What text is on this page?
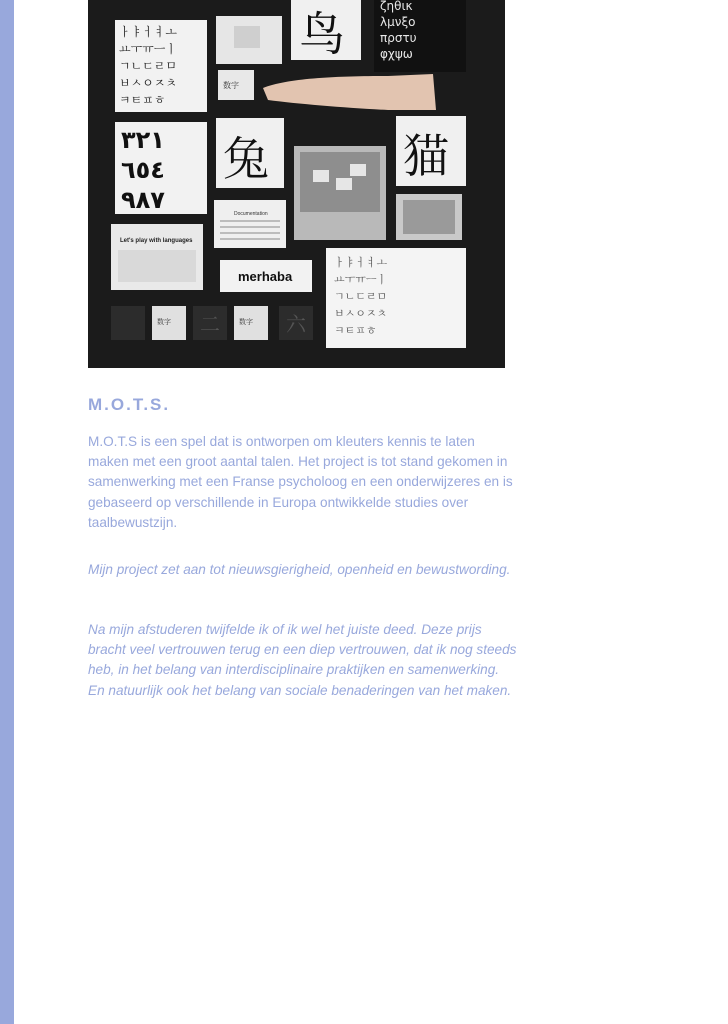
ㅏㅑㅓㅕㅗ
ㅛㅜㅠㅡㅣ
ㄱㄴㄷㄹㅁ
ㅂㅅㅇㅈㅊ
ㅋㅌㅍㅎ
鸟
ζηθικ
λμνξο
πρστυ
φχψω
数字
٣٢١
٦٥٤
٩٨٧
兔	猫
Documentation
Let's play with languages
merhaba
ㅏㅑㅓㅕㅗ
ㅛㅜㅠㅡㅣ
ㄱㄴㄷㄹㅁ
ㅂㅅㅇㅈㅊ
ㅋㅌㅍㅎ
数字 二	数字 六
M.O.T.S.

M.O.T.S is een spel dat is ontworpen om kleuters kennis te laten maken met een groot aantal talen. Het project is tot stand gekomen in samenwerking met een Franse psycholoog en een onderwijzeres en is gebaseerd op verschillende in Europa ontwikkelde studies over taalbewustzijn.

Mijn project zet aan tot nieuwsgierigheid, openheid en bewustwording.

Na mijn afstuderen twijfelde ik of ik wel het juiste deed. Deze prijs bracht veel vertrouwen terug en een diep vertrouwen, dat ik nog steeds heb, in het belang van interdisciplinaire praktijken en samenwerking. En natuurlijk ook het belang van sociale benaderingen van het maken.
